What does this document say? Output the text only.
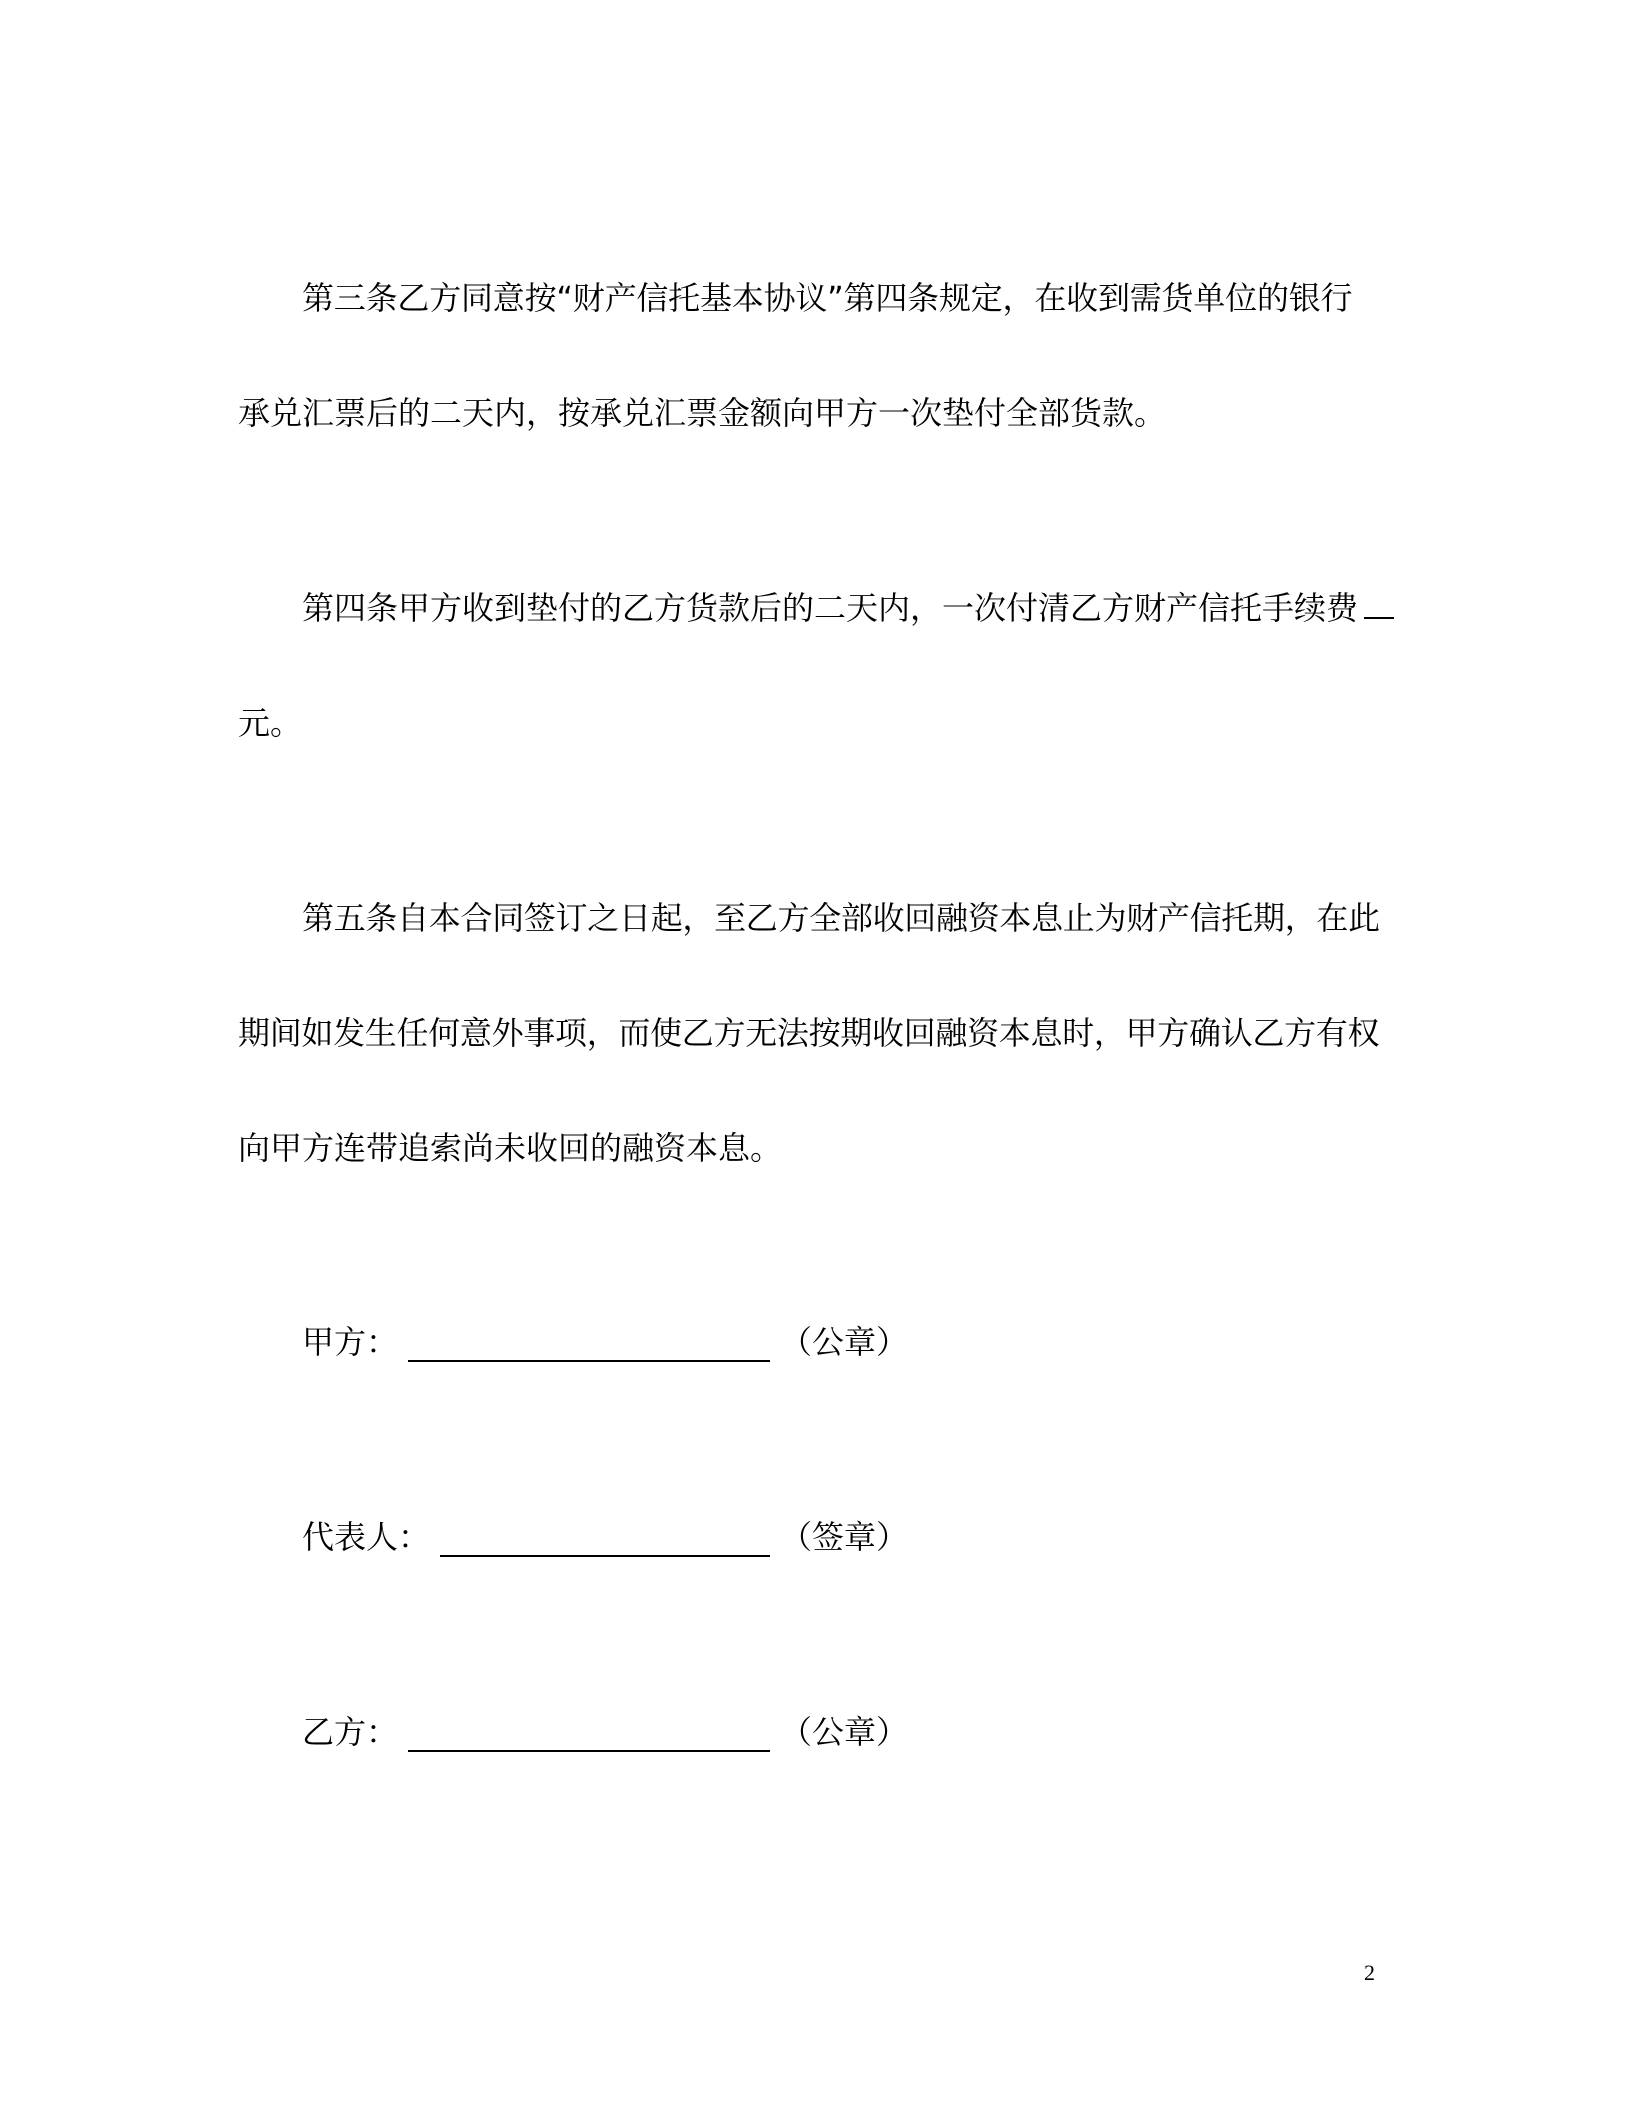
第三条乙方同意按“财产信托基本协议”第四条规定，在收到需货单位的银行
承兑汇票后的二天内，按承兑汇票金额向甲方一次垫付全部货款。
第四条甲方收到垫付的乙方货款后的二天内，一次付清乙方财产信托手续费
元。
第五条自本合同签订之日起，至乙方全部收回融资本息止为财产信托期，在此
期间如发生任何意外事项，而使乙方无法按期收回融资本息时，甲方确认乙方有权
向甲方连带追索尚未收回的融资本息。
甲方：	（公章）
代表人：	（签章）
乙方：	（公章）
2
